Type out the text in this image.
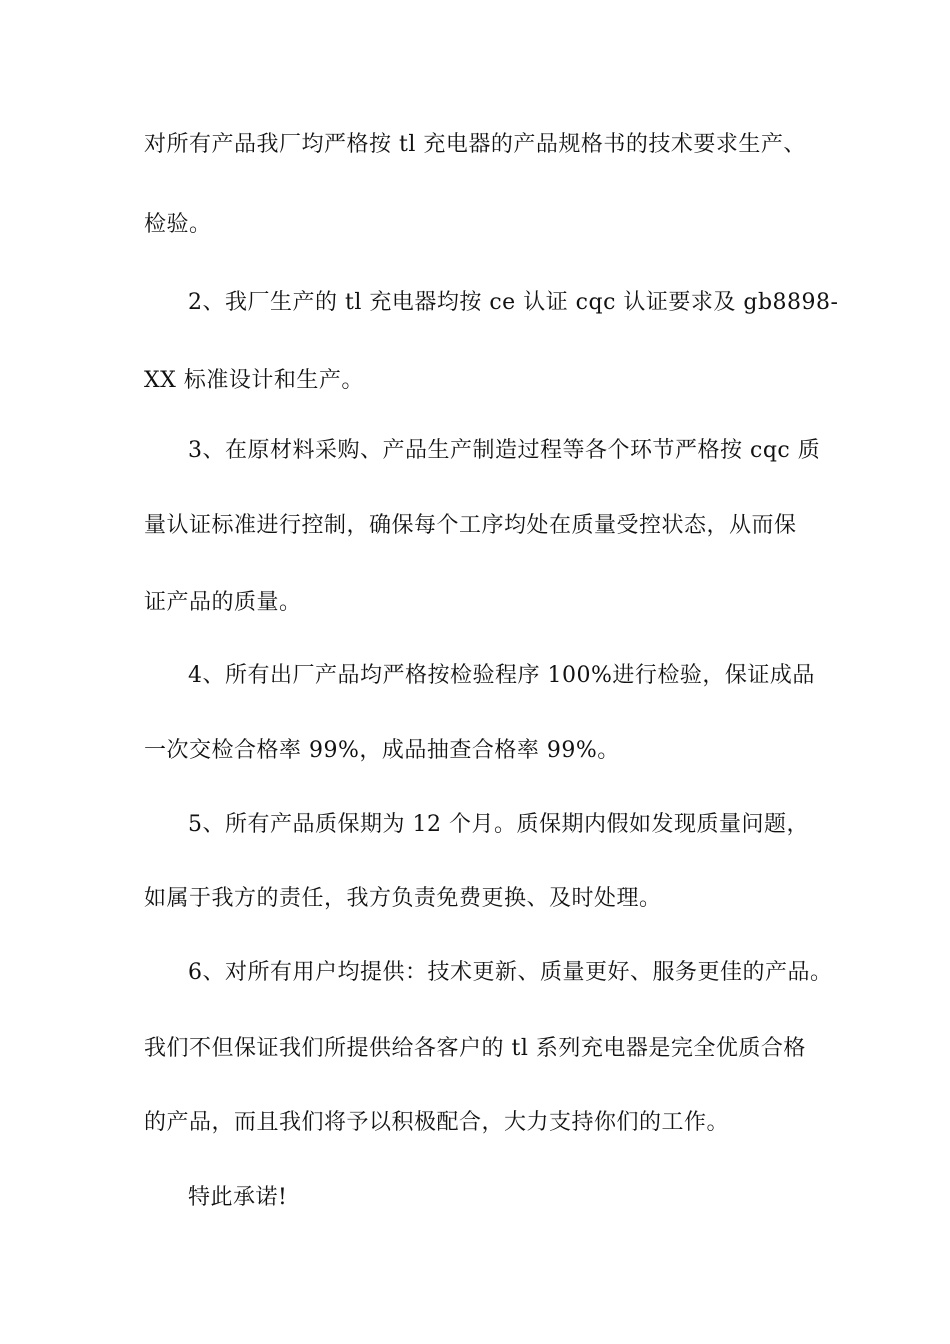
对所有产品我厂均严格按 tl 充电器的产品规格书的技术要求生产、
检验。
2、我厂生产的 tl 充电器均按 ce 认证 cqc 认证要求及 gb8898-
XX 标准设计和生产。
3、在原材料采购、产品生产制造过程等各个环节严格按 cqc 质
量认证标准进行控制，确保每个工序均处在质量受控状态，从而保
证产品的质量。
4、所有出厂产品均严格按检验程序 100%进行检验，保证成品
一次交检合格率 99%，成品抽查合格率 99%。
5、所有产品质保期为 12 个月。质保期内假如发现质量问题，
如属于我方的责任，我方负责免费更换、及时处理。
6、对所有用户均提供：技术更新、质量更好、服务更佳的产品。
我们不但保证我们所提供给各客户的 tl 系列充电器是完全优质合格
的产品，而且我们将予以积极配合，大力支持你们的工作。
特此承诺!
